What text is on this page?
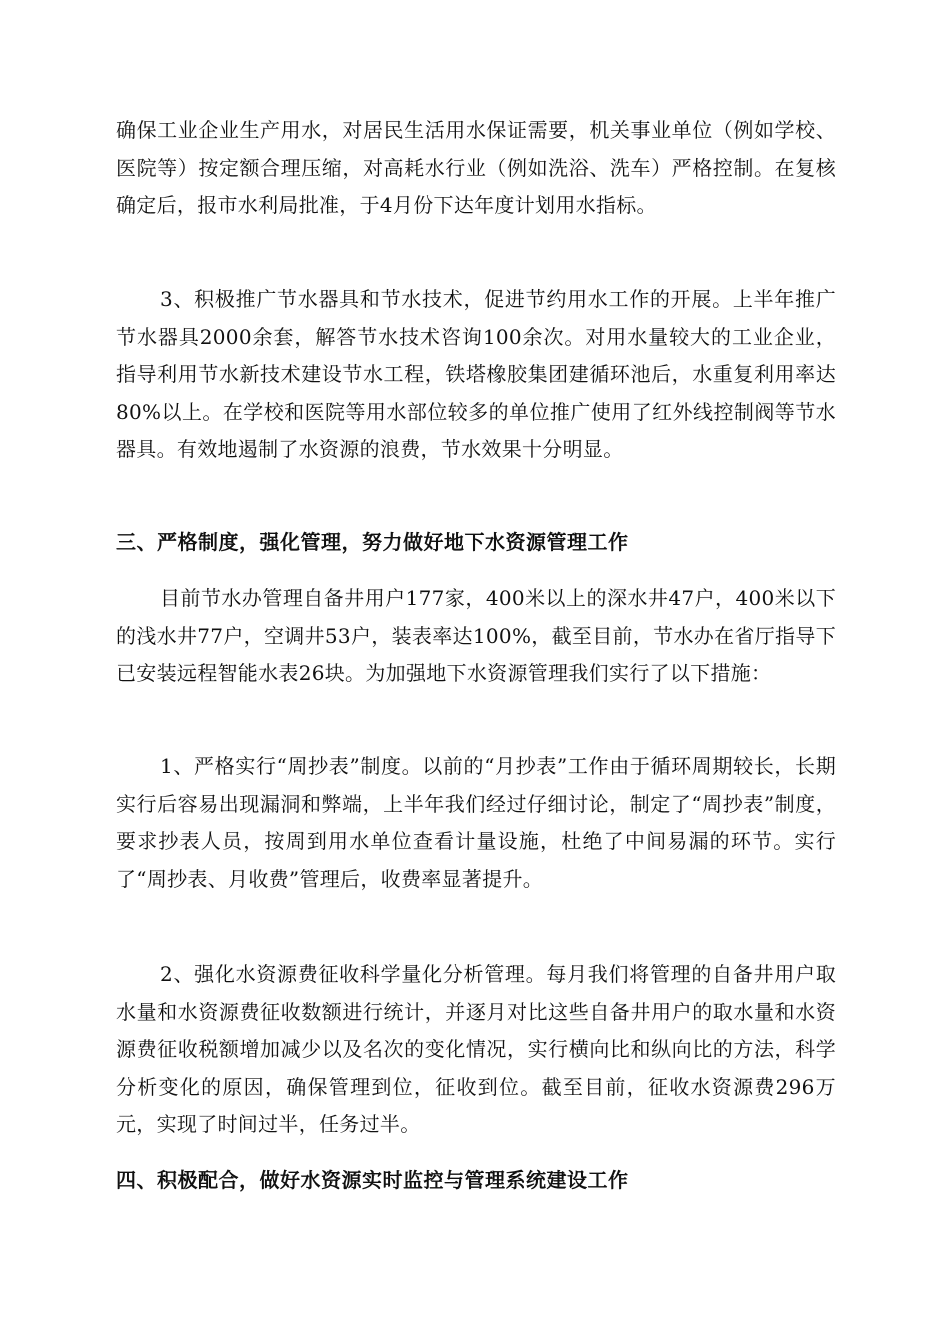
确保工业企业生产用水，对居民生活用水保证需要，机关事业单位（例如学校、医院等）按定额合理压缩，对高耗水行业（例如洗浴、洗车）严格控制。在复核确定后，报市水利局批准，于4月份下达年度计划用水指标。

3、积极推广节水器具和节水技术，促进节约用水工作的开展。上半年推广节水器具2000余套，解答节水技术咨询100余次。对用水量较大的工业企业，指导利用节水新技术建设节水工程，铁塔橡胶集团建循环池后，水重复利用率达80%以上。在学校和医院等用水部位较多的单位推广使用了红外线控制阀等节水器具。有效地遏制了水资源的浪费，节水效果十分明显。

三、严格制度，强化管理，努力做好地下水资源管理工作

目前节水办管理自备井用户177家，400米以上的深水井47户，400米以下的浅水井77户，空调井53户，装表率达100%，截至目前，节水办在省厅指导下已安装远程智能水表26块。为加强地下水资源管理我们实行了以下措施：

1、严格实行“周抄表”制度。以前的“月抄表”工作由于循环周期较长，长期实行后容易出现漏洞和弊端，上半年我们经过仔细讨论，制定了“周抄表”制度，要求抄表人员，按周到用水单位查看计量设施，杜绝了中间易漏的环节。实行了“周抄表、月收费”管理后，收费率显著提升。

2、强化水资源费征收科学量化分析管理。每月我们将管理的自备井用户取水量和水资源费征收数额进行统计，并逐月对比这些自备井用户的取水量和水资源费征收税额增加减少以及名次的变化情况，实行横向比和纵向比的方法，科学分析变化的原因，确保管理到位，征收到位。截至目前，征收水资源费296万元，实现了时间过半，任务过半。

四、积极配合，做好水资源实时监控与管理系统建设工作
